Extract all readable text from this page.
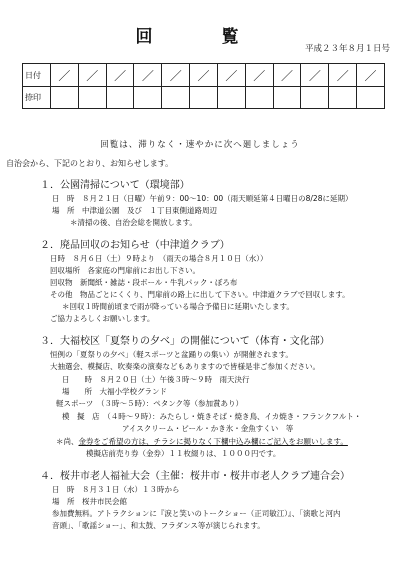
回　覧
平成２３年８月１日号
日付	／	／	／	／	／	／	／	／	／	／	／	／
捺印												
回覧は、滞りなく・速やかに次へ廻しましょう
自治会から、下記のとおり、お知らせします。
１．公園清掃について（環境部）
日　時　８月２１日（日曜）午前９：00～10：00（雨天順延第４日曜日の8/28に延期）
場　所　中津道公園　及び　１丁目東側道路周辺
＊清掃の後、自治会総を開放します。
２．廃品回収のお知らせ（中津道クラブ）
日時　８月６日（土）９時より　（雨天の場合８月１０日（水））
回収場所　各家庭の門扉前にお出し下さい。
回収物　新聞紙・雑誌・段ボール・牛乳パック・ぼろ布
その他　物品ごとにくくり、門扉前の路上に出して下さい。中津道クラブで回収します。
＊回収１時間前頃まで雨が降っている場合予備日に延期いたします。
ご協力よろしくお願いします。
３．大福校区「夏祭りの夕べ」の開催について（体育・文化部）
恒例の「夏祭りの夕べ」（軽スポーツと盆踊りの集い）が開催されます。
大抽選会、模擬店、吹奏楽の演奏などもありますので皆様是非ご参加ください。
日　　時　８月２０日（土）午後３時～９時　雨天決行
場　　所　大福小学校グランド
軽スポーツ　（３時～５時）：ペタンク等（参加賞あり）
模　擬　店　（４時～９時）：みたらし・焼きそば・焼き鳥、イカ焼き・フランクフルト・
アイスクリーム・ビール・かき氷・金魚すくい　等
＊尚、金券をご希望の方は、チラシに掲りなく下欄中込み欄にご記入をお願いします。
模擬店前売り券（金券）１１枚綴りは、１０００円です。
４．桜井市老人福祉大会（主催：桜井市・桜井市老人クラブ連合会）
日　時　８月３１日（水）１３時から
場　所　桜井市民会館
参加費無料。アトラクションに『涙と笑いのトークショー（正司敏江）』、「演歌と河内
音頭」、「歌謡ショー」、和太鼓、フラダンス等が演じられます。
